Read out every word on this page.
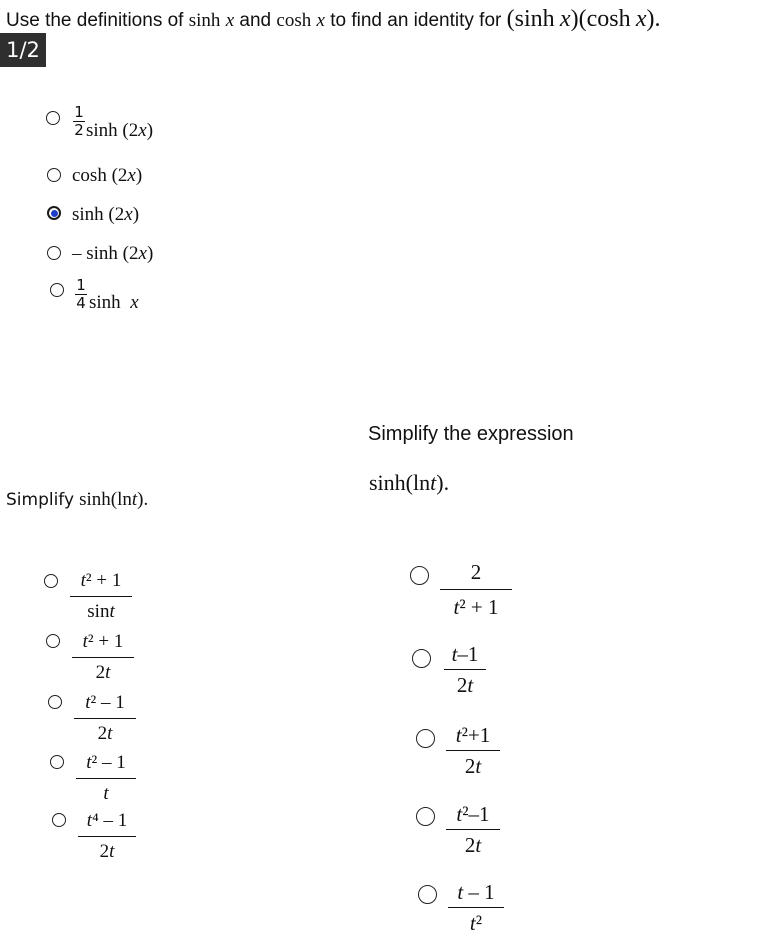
Use the definitions of sinh x and cosh x to find an identity for (sinh x)(cosh x).
1/2
1
2 sinh (2x)
cosh (2x)
sinh (2x)
– sinh (2x)
1
4 sinh  x
Simplify sinh(lnt).
t² + 1
sint
t² + 1
2t
t² – 1
2t
t² – 1
t
t⁴ – 1
2t
Simplify the expression
sinh(lnt).
2
t² + 1
t–1
2t
t²+1
2t
t²–1
2t
t – 1
t²
